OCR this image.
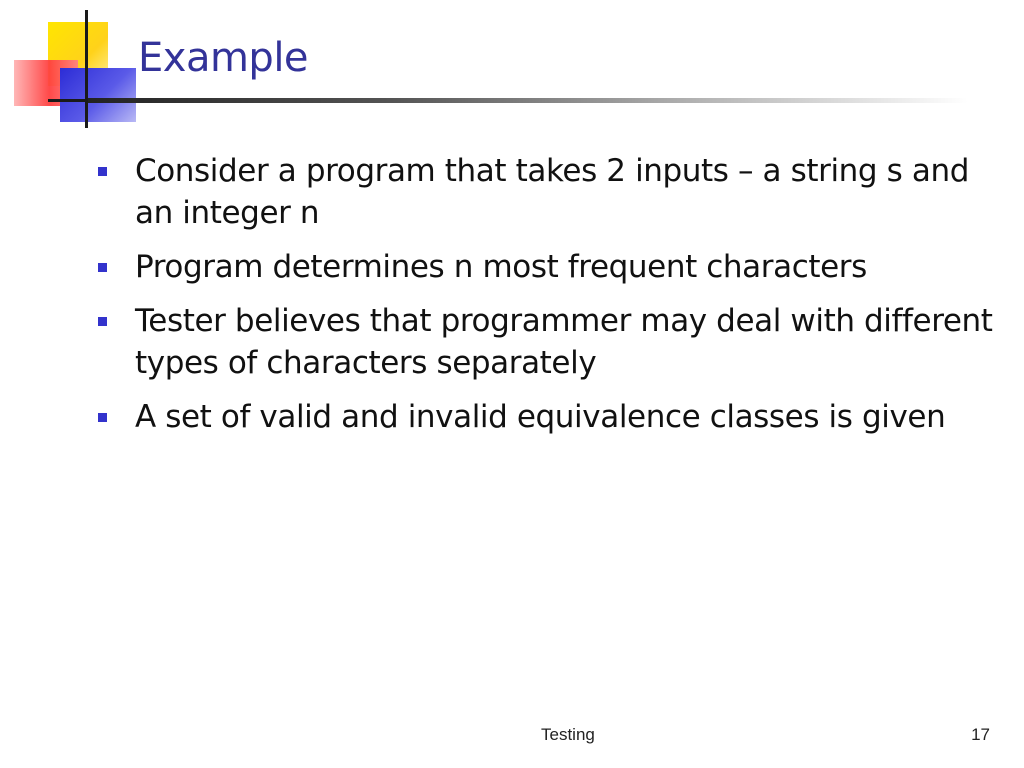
Example
Consider a program that takes 2 inputs – a string s and an integer n
Program determines n most frequent characters
Tester believes that programmer may deal with different types of characters separately
A set of valid and invalid equivalence classes is given
Testing	17
